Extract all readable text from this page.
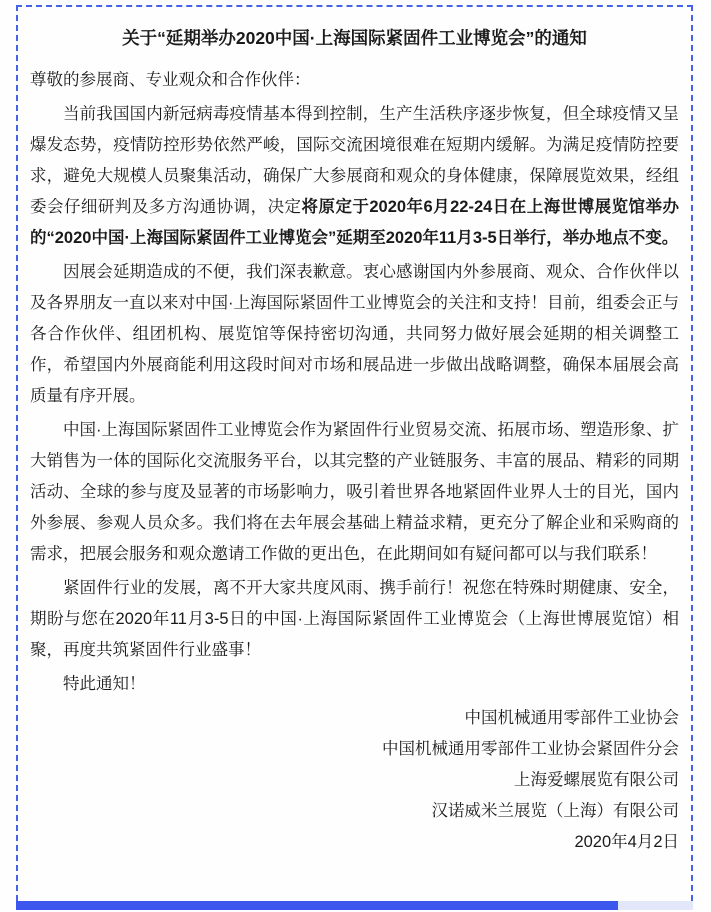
关于“延期举办2020中国·上海国际紧固件工业博览会”的通知

尊敬的参展商、专业观众和合作伙伴：

当前我国国内新冠病毒疫情基本得到控制，生产生活秩序逐步恢复，但全球疫情又呈爆发态势，疫情防控形势依然严峻，国际交流困境很难在短期内缓解。为满足疫情防控要求，避免大规模人员聚集活动，确保广大参展商和观众的身体健康，保障展览效果，经组委会仔细研判及多方沟通协调，决定将原定于2020年6月22-24日在上海世博展览馆举办的“2020中国·上海国际紧固件工业博览会”延期至2020年11月3-5日举行，举办地点不变。

因展会延期造成的不便，我们深表歉意。衷心感谢国内外参展商、观众、合作伙伴以及各界朋友一直以来对中国·上海国际紧固件工业博览会的关注和支持！目前，组委会正与各合作伙伴、组团机构、展览馆等保持密切沟通，共同努力做好展会延期的相关调整工作，希望国内外展商能利用这段时间对市场和展品进一步做出战略调整，确保本届展会高质量有序开展。

中国·上海国际紧固件工业博览会作为紧固件行业贸易交流、拓展市场、塑造形象、扩大销售为一体的国际化交流服务平台，以其完整的产业链服务、丰富的展品、精彩的同期活动、全球的参与度及显著的市场影响力，吸引着世界各地紧固件业界人士的目光，国内外参展、参观人员众多。我们将在去年展会基础上精益求精，更充分了解企业和采购商的需求，把展会服务和观众邀请工作做的更出色，在此期间如有疑问都可以与我们联系！

紧固件行业的发展，离不开大家共度风雨、携手前行！祝您在特殊时期健康、安全，期盼与您在2020年11月3-5日的中国·上海国际紧固件工业博览会（上海世博展览馆）相聚，再度共筑紧固件行业盛事！

特此通知！

中国机械通用零部件工业协会
中国机械通用零部件工业协会紧固件分会
上海爱螺展览有限公司
汉诺威米兰展览（上海）有限公司
2020年4月2日
